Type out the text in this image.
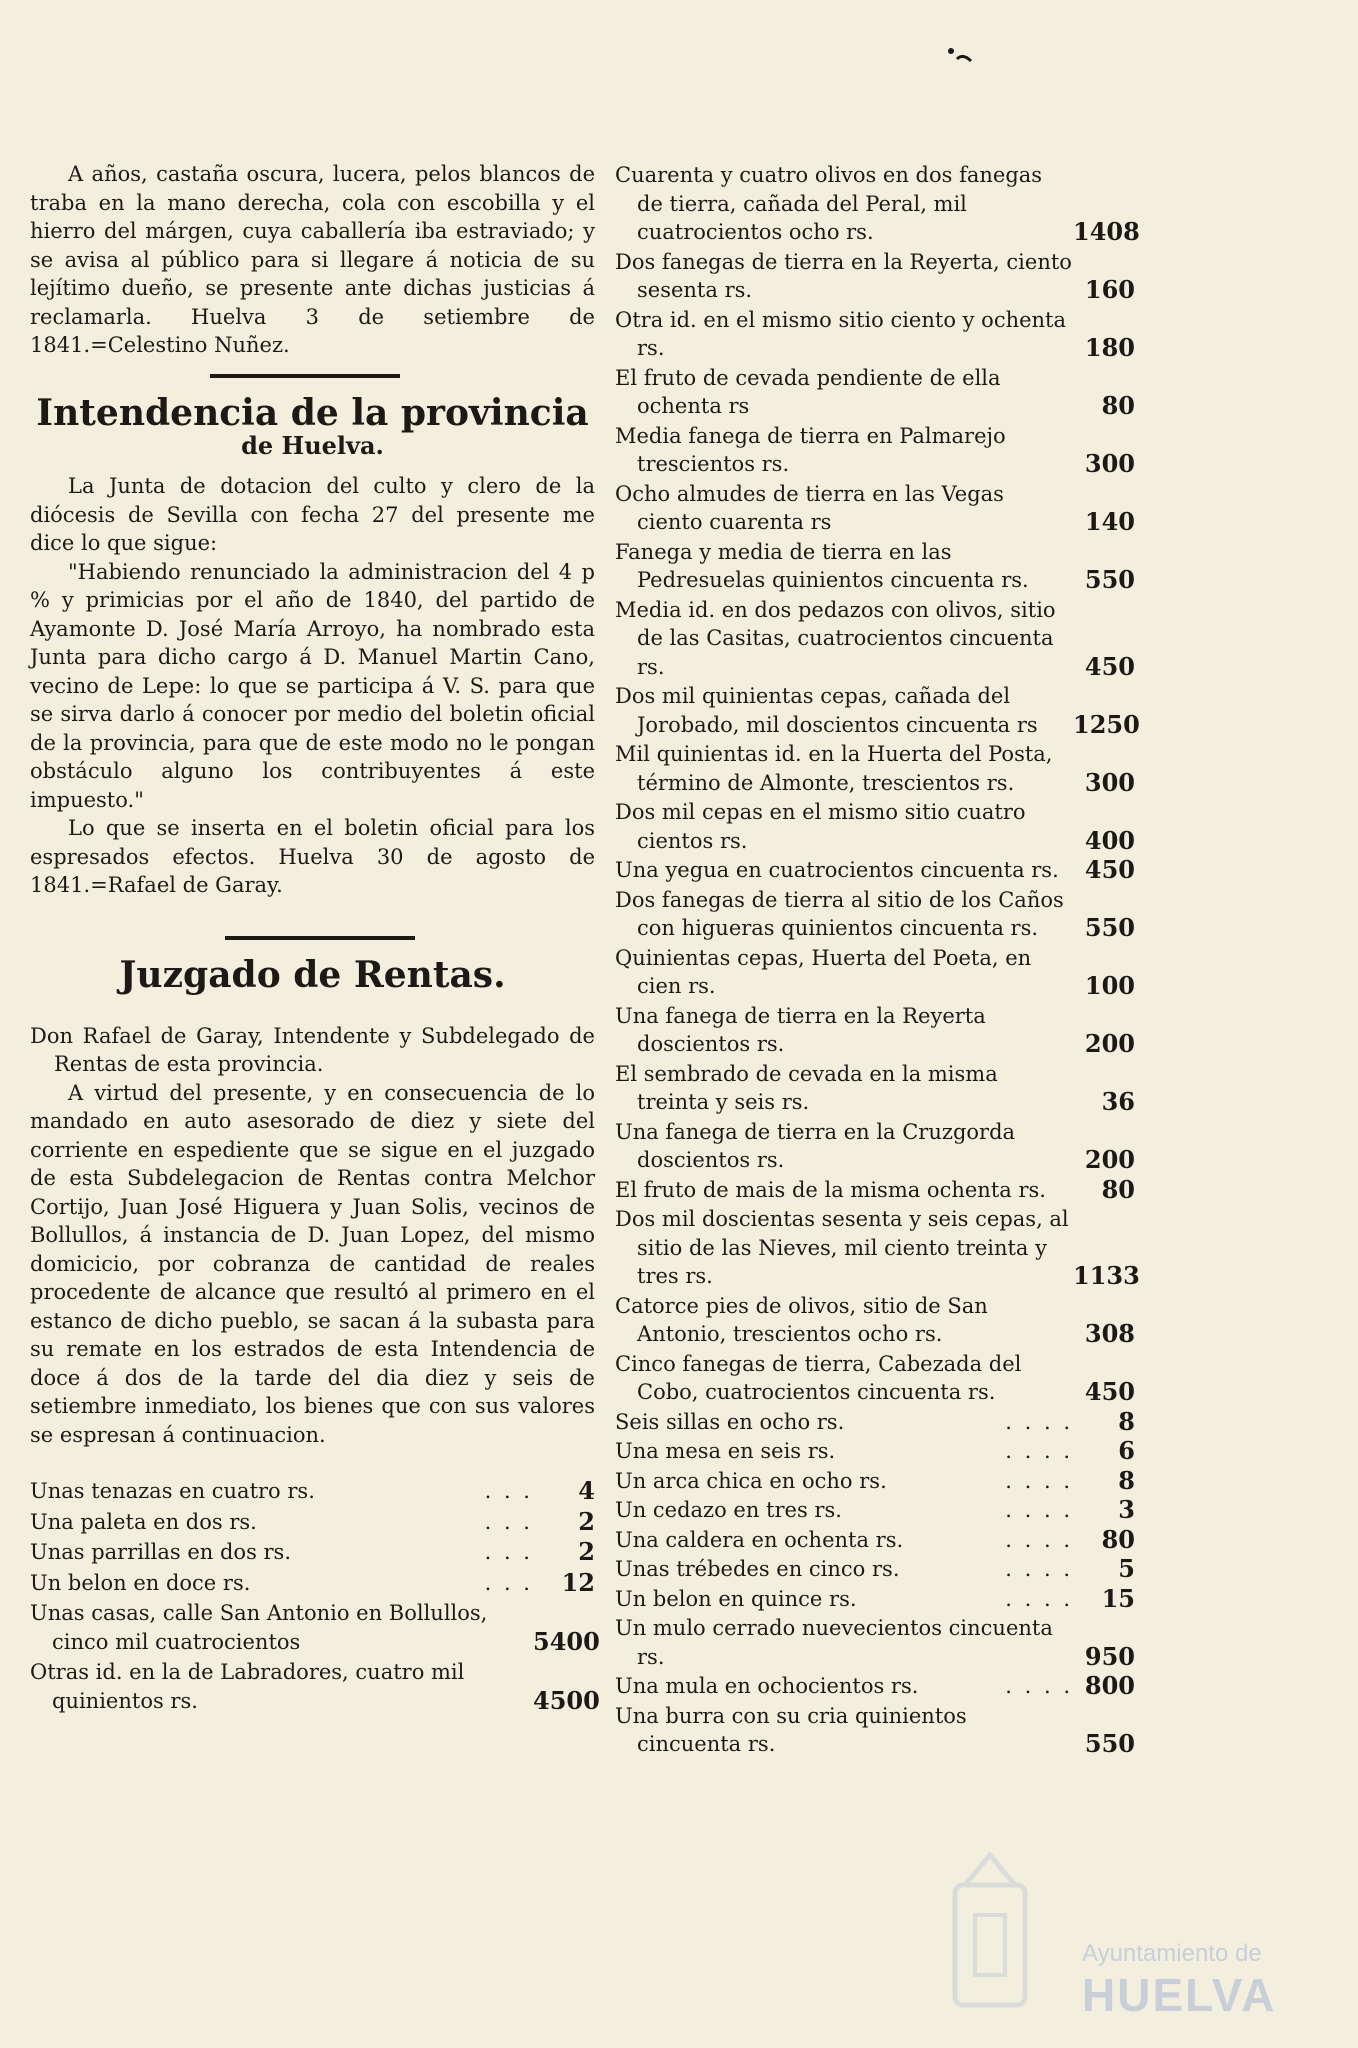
A años, castaña oscura, lucera, pelos blancos de traba en la mano derecha, cola con escobilla y el hierro del márgen, cuya caballería iba estraviado; y se avisa al público para si llegare á noticia de su lejítimo dueño, se presente ante dichas justicias á reclamarla. Huelva 3 de setiembre de 1841.=Celestino Nuñez.

Intendencia de la provincia
de Huelva.

La Junta de dotacion del culto y clero de la diócesis de Sevilla con fecha 27 del presente me dice lo que sigue:

"Habiendo renunciado la administracion del 4 p % y primicias por el año de 1840, del partido de Ayamonte D. José María Arroyo, ha nombrado esta Junta para dicho cargo á D. Manuel Martin Cano, vecino de Lepe: lo que se participa á V. S. para que se sirva darlo á conocer por medio del boletin oficial de la provincia, para que de este modo no le pongan obstáculo alguno los contribuyentes á este impuesto."

Lo que se inserta en el boletin oficial para los espresados efectos. Huelva 30 de agosto de 1841.=Rafael de Garay.

Juzgado de Rentas.

Don Rafael de Garay, Intendente y Subdelegado de Rentas de esta provincia.

A virtud del presente, y en consecuencia de lo mandado en auto asesorado de diez y siete del corriente en espediente que se sigue en el juzgado de esta Subdelegacion de Rentas contra Melchor Cortijo, Juan José Higuera y Juan Solis, vecinos de Bollullos, á instancia de D. Juan Lopez, del mismo domicicio, por cobranza de cantidad de reales procedente de alcance que resultó al primero en el estanco de dicho pueblo, se sacan á la subasta para su remate en los estrados de esta Intendencia de doce á dos de la tarde del dia diez y seis de setiembre inmediato, los bienes que con sus valores se espresan á continuacion.

Unas tenazas en cuatro rs.	. . .	4
Una paleta en dos rs.	. . .	2
Unas parrillas en dos rs.	. . .	2
Un belon en doce rs.	. . .	12
Unas casas, calle San Antonio en Bollullos, cinco mil cuatrocientos	5400
Otras id. en la de Labradores, cuatro mil quinientos rs.	4500
Cuarenta y cuatro olivos en dos fanegas de tierra, cañada del Peral, mil cuatrocientos ocho rs.	1408
Dos fanegas de tierra en la Reyerta, ciento sesenta rs.	160
Otra id. en el mismo sitio ciento y ochenta rs.	180
El fruto de cevada pendiente de ella ochenta rs	80
Media fanega de tierra en Palmarejo trescientos rs.	300
Ocho almudes de tierra en las Vegas ciento cuarenta rs	140
Fanega y media de tierra en las Pedresuelas quinientos cincuenta rs.	550
Media id. en dos pedazos con olivos, sitio de las Casitas, cuatrocientos cincuenta rs.	450
Dos mil quinientas cepas, cañada del Jorobado, mil doscientos cincuenta rs	1250
Mil quinientas id. en la Huerta del Posta, término de Almonte, trescientos rs.	300
Dos mil cepas en el mismo sitio cuatro cientos rs.	400
Una yegua en cuatrocientos cincuenta rs.	450
Dos fanegas de tierra al sitio de los Caños con higueras quinientos cincuenta rs.	550
Quinientas cepas, Huerta del Poeta, en cien rs.	100
Una fanega de tierra en la Reyerta doscientos rs.	200
El sembrado de cevada en la misma treinta y seis rs.	36
Una fanega de tierra en la Cruzgorda doscientos rs.	200
El fruto de mais de la misma ochenta rs.	80
Dos mil doscientas sesenta y seis cepas, al sitio de las Nieves, mil ciento treinta y tres rs.	1133
Catorce pies de olivos, sitio de San Antonio, trescientos ocho rs.	308
Cinco fanegas de tierra, Cabezada del Cobo, cuatrocientos cincuenta rs.	450
Seis sillas en ocho rs.	. . . .	8
Una mesa en seis rs.	. . . .	6
Un arca chica en ocho rs.	. . . .	8
Un cedazo en tres rs.	. . . .	3
Una caldera en ochenta rs.	. . . .	80
Unas trébedes en cinco rs.	. . . .	5
Un belon en quince rs.	. . . .	15
Un mulo cerrado nuevecientos cincuenta rs.	950
Una mula en ochocientos rs.	. . . . 800
Una burra con su cria quinientos cincuenta rs.	550
Ayuntamiento de
HUELVA
